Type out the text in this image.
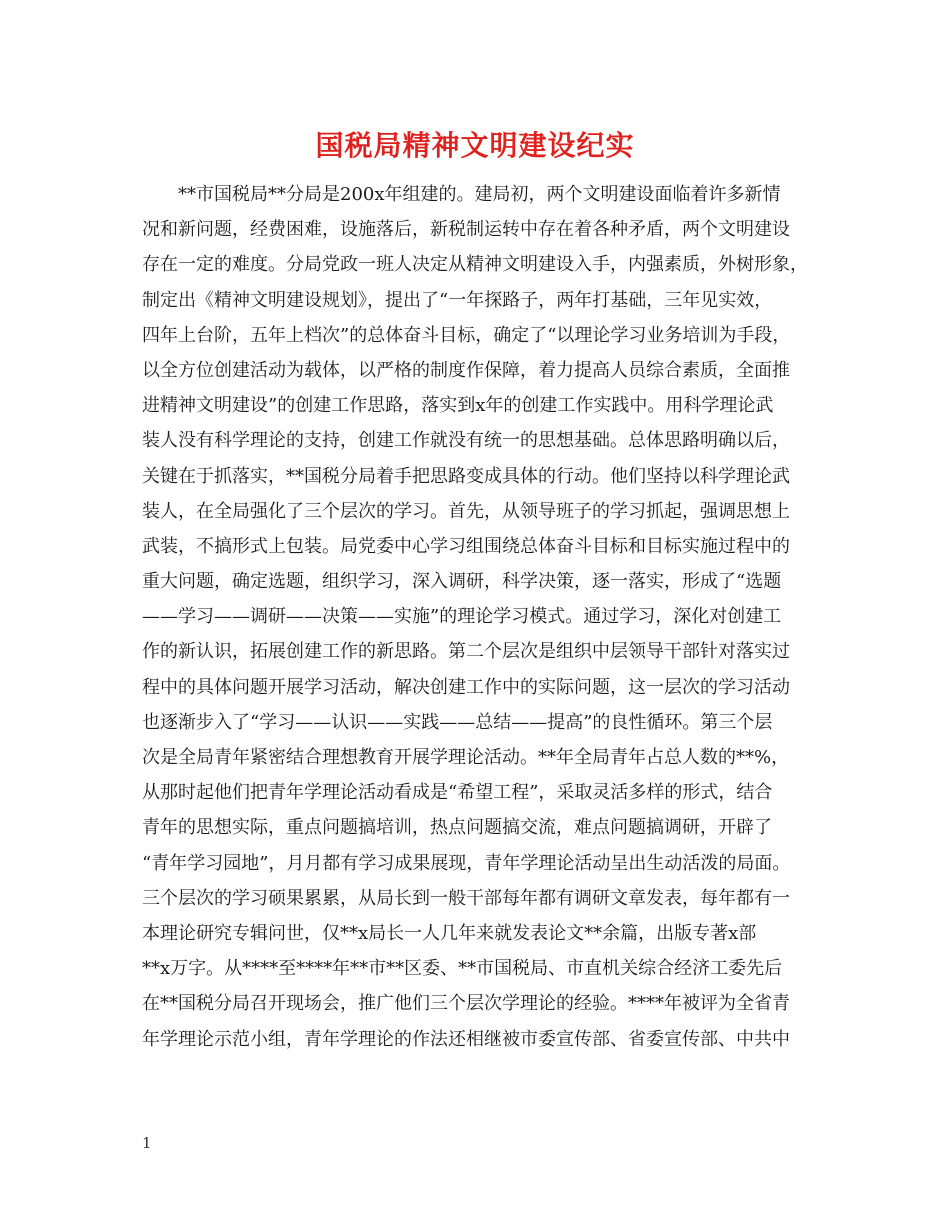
国税局精神文明建设纪实
**市国税局**分局是200x年组建的。建局初，两个文明建设面临着许多新情
况和新问题，经费困难，设施落后，新税制运转中存在着各种矛盾，两个文明建设
存在一定的难度。分局党政一班人决定从精神文明建设入手，内强素质，外树形象，
制定出《精神文明建设规划》，提出了“一年探路子，两年打基础，三年见实效，
四年上台阶，五年上档次”的总体奋斗目标，确定了“以理论学习业务培训为手段，
以全方位创建活动为载体，以严格的制度作保障，着力提高人员综合素质，全面推
进精神文明建设”的创建工作思路，落实到x年的创建工作实践中。用科学理论武
装人没有科学理论的支持，创建工作就没有统一的思想基础。总体思路明确以后，
关键在于抓落实，**国税分局着手把思路变成具体的行动。他们坚持以科学理论武
装人，在全局强化了三个层次的学习。首先，从领导班子的学习抓起，强调思想上
武装，不搞形式上包装。局党委中心学习组围绕总体奋斗目标和目标实施过程中的
重大问题，确定选题，组织学习，深入调研，科学决策，逐一落实，形成了“选题
——学习——调研——决策——实施”的理论学习模式。通过学习，深化对创建工
作的新认识，拓展创建工作的新思路。第二个层次是组织中层领导干部针对落实过
程中的具体问题开展学习活动，解决创建工作中的实际问题，这一层次的学习活动
也逐渐步入了“学习——认识——实践——总结——提高”的良性循环。第三个层
次是全局青年紧密结合理想教育开展学理论活动。**年全局青年占总人数的**%，
从那时起他们把青年学理论活动看成是“希望工程”，采取灵活多样的形式，结合
青年的思想实际，重点问题搞培训，热点问题搞交流，难点问题搞调研，开辟了
“青年学习园地”，月月都有学习成果展现，青年学理论活动呈出生动活泼的局面。
三个层次的学习硕果累累，从局长到一般干部每年都有调研文章发表，每年都有一
本理论研究专辑问世，仅**x局长一人几年来就发表论文**余篇，出版专著x部
**x万字。从****至****年**市**区委、**市国税局、市直机关综合经济工委先后
在**国税分局召开现场会，推广他们三个层次学理论的经验。****年被评为全省青
年学理论示范小组，青年学理论的作法还相继被市委宣传部、省委宣传部、中共中
1
